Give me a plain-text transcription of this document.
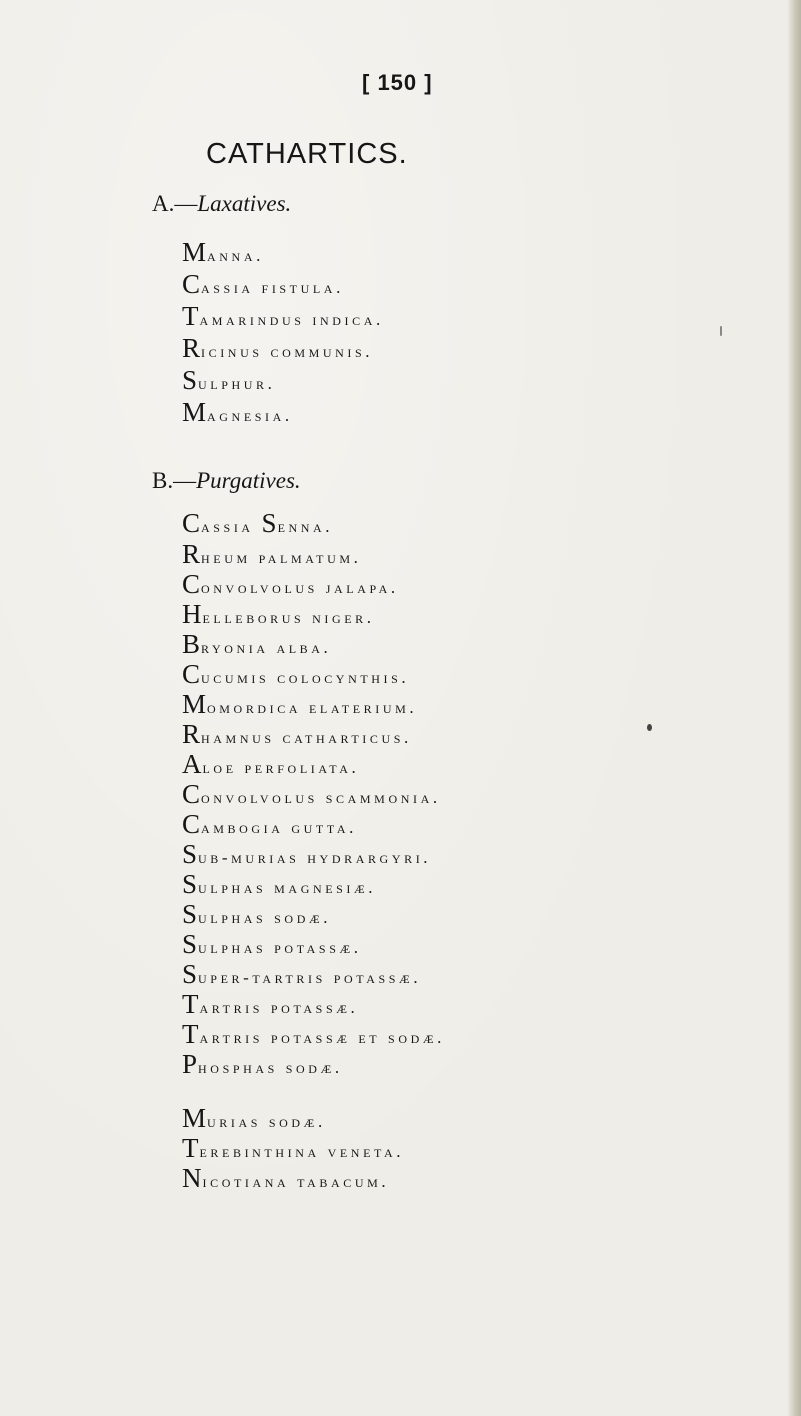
[ 150 ]
CATHARTICS.
A.—Laxatives.
Manna.
Cassia fistula.
Tamarindus indica.
Ricinus communis.
Sulphur.
Magnesia.
B.—Purgatives.
Cassia Senna.
Rheum palmatum.
Convolvolus jalapa.
Helleborus niger.
Bryonia alba.
Cucumis colocynthis.
Momordica elaterium.
Rhamnus catharticus.
Aloe perfoliata.
Convolvolus scammonia.
Cambogia gutta.
Sub-murias hydrargyri.
Sulphas magnesiæ.
Sulphas sodæ.
Sulphas potassæ.
Super-tartris potassæ.
Tartris potassæ.
Tartris potassæ et sodæ.
Phosphas sodæ.
Murias sodæ.
Terebinthina veneta.
Nicotiana tabacum.
